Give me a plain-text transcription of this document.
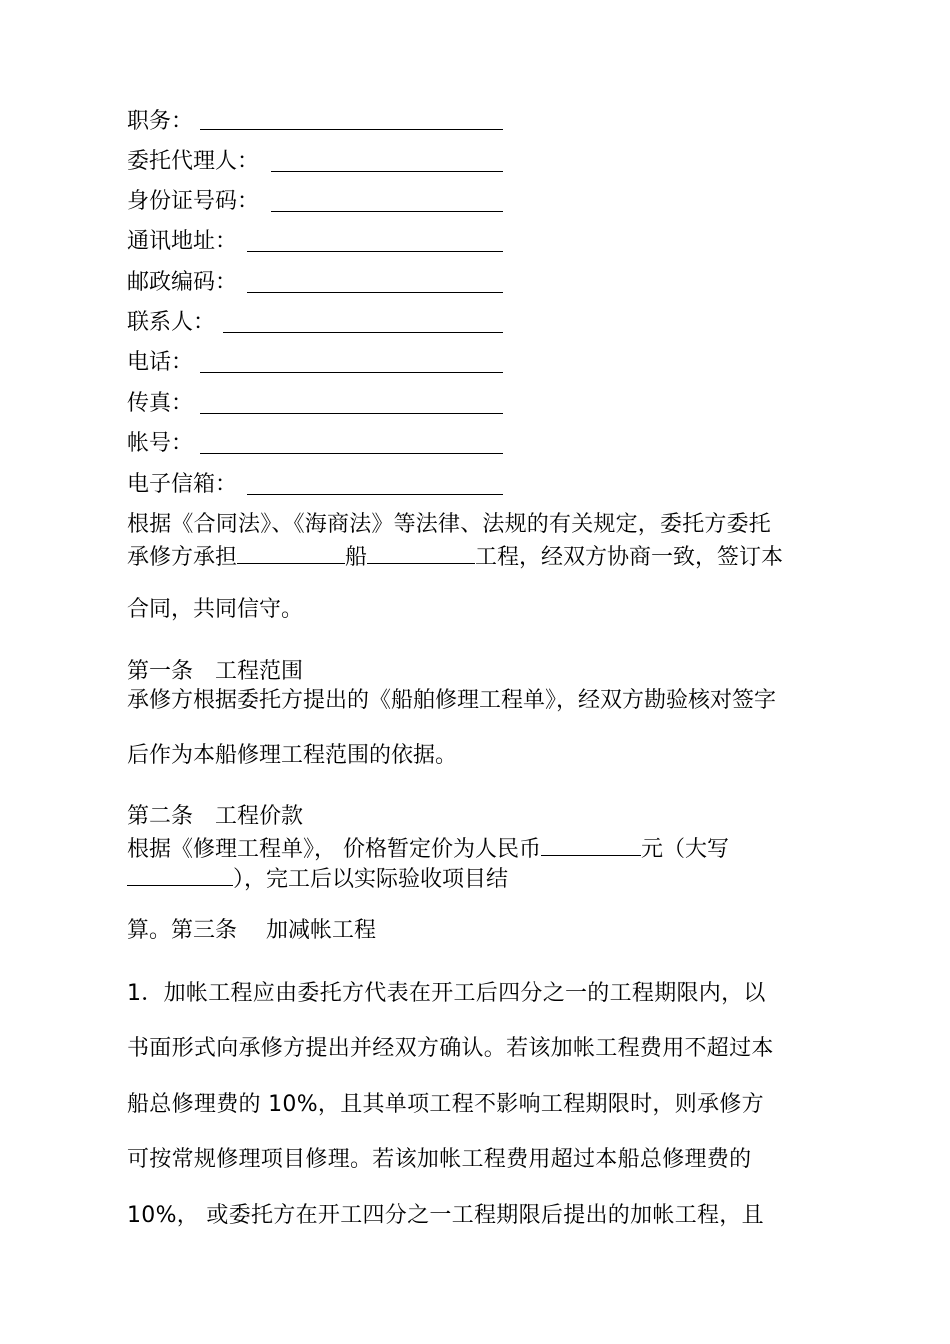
职务：
委托代理人：
身份证号码：
通讯地址：
邮政编码：
联系人：
电话：
传真：
帐号：
电子信箱：
根据《合同法》、《海商法》等法律、法规的有关规定，委托方委托
承修方承担	船	工程，经双方协商一致，签订本
合同，共同信守。
第一条　工程范围
承修方根据委托方提出的《船舶修理工程单》，经双方勘验核对签字
后作为本船修理工程范围的依据。
第二条　工程价款
根据《修理工程单》， 价格暂定价为人民币	元（大写
），完工后以实际验收项目结
算。第三条　 加减帐工程
1．加帐工程应由委托方代表在开工后四分之一的工程期限内，以
书面形式向承修方提出并经双方确认。若该加帐工程费用不超过本
船总修理费的 10%，且其单项工程不影响工程期限时，则承修方
可按常规修理项目修理。若该加帐工程费用超过本船总修理费的
10%， 或委托方在开工四分之一工程期限后提出的加帐工程，且
